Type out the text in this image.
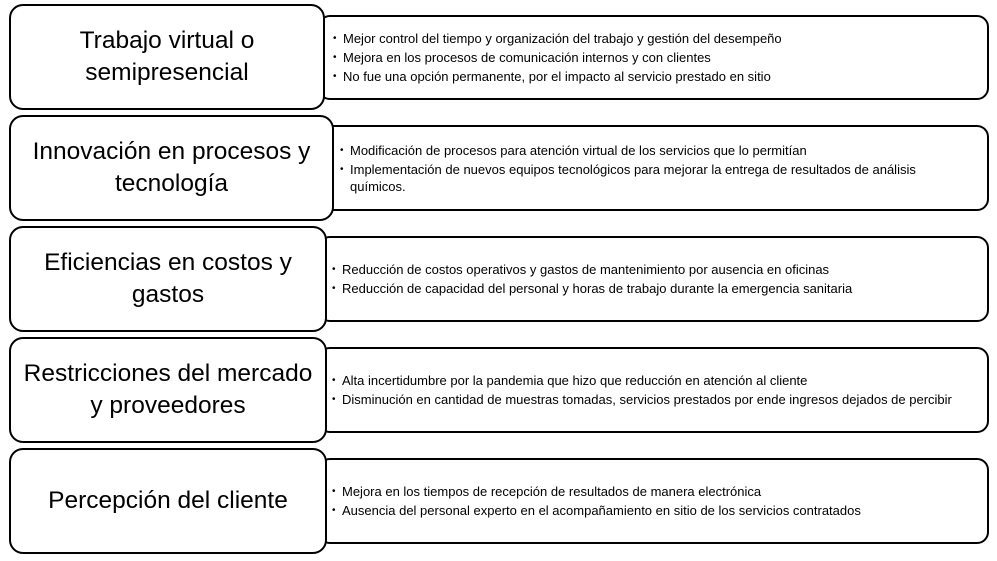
• Mejor control del tiempo y organización del trabajo y gestión del desempeño
• Mejora en los procesos de comunicación internos y con clientes
• No fue una opción permanente, por el impacto al servicio prestado en sitio
Trabajo virtual o semipresencial
• Modificación de procesos para atención virtual de los servicios que lo permitían
• Implementación de nuevos equipos tecnológicos para mejorar la entrega de resultados de análisis químicos.
Innovación en procesos y tecnología
• Reducción de costos operativos y gastos de mantenimiento por ausencia en oficinas
• Reducción de capacidad del personal y horas de trabajo durante la emergencia sanitaria
Eficiencias en costos y gastos
• Alta incertidumbre por la pandemia que hizo que reducción en atención al cliente
• Disminución en cantidad de muestras tomadas, servicios prestados por ende ingresos dejados de percibir
Restricciones del mercado y proveedores
• Mejora en los tiempos de recepción de resultados de manera electrónica
• Ausencia del personal experto en el acompañamiento en sitio de los servicios contratados
Percepción del cliente
